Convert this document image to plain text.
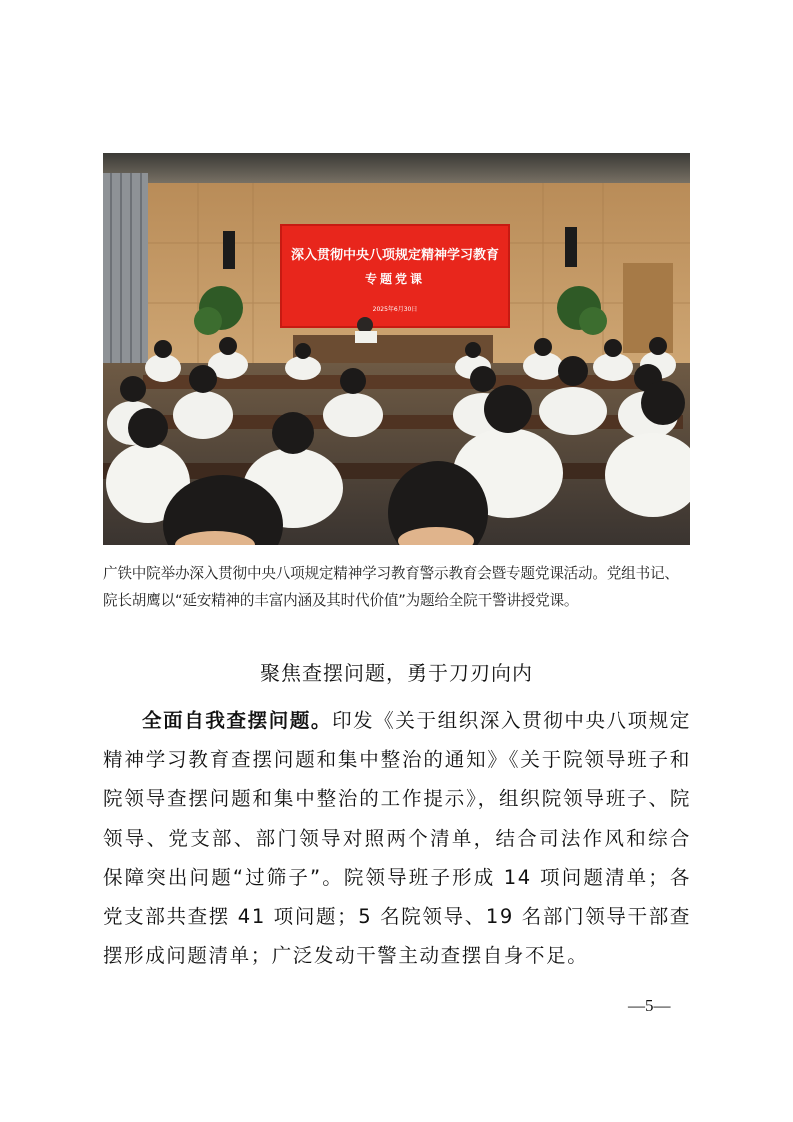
深入贯彻中央八项规定精神学习教育
专题党课
2025年6月30日
广铁中院举办深入贯彻中央八项规定精神学习教育警示教育会暨专题党课活动。党组书记、院长胡鹰以“延安精神的丰富内涵及其时代价值”为题给全院干警讲授党课。
聚焦查摆问题，勇于刀刃向内
全面自我查摆问题。印发《关于组织深入贯彻中央八项规定精神学习教育查摆问题和集中整治的通知》《关于院领导班子和院领导查摆问题和集中整治的工作提示》，组织院领导班子、院领导、党支部、部门领导对照两个清单，结合司法作风和综合保障突出问题“过筛子”。院领导班子形成 14 项问题清单；各党支部共查摆 41 项问题；5 名院领导、19 名部门领导干部查摆形成问题清单；广泛发动干警主动查摆自身不足。
—5—
